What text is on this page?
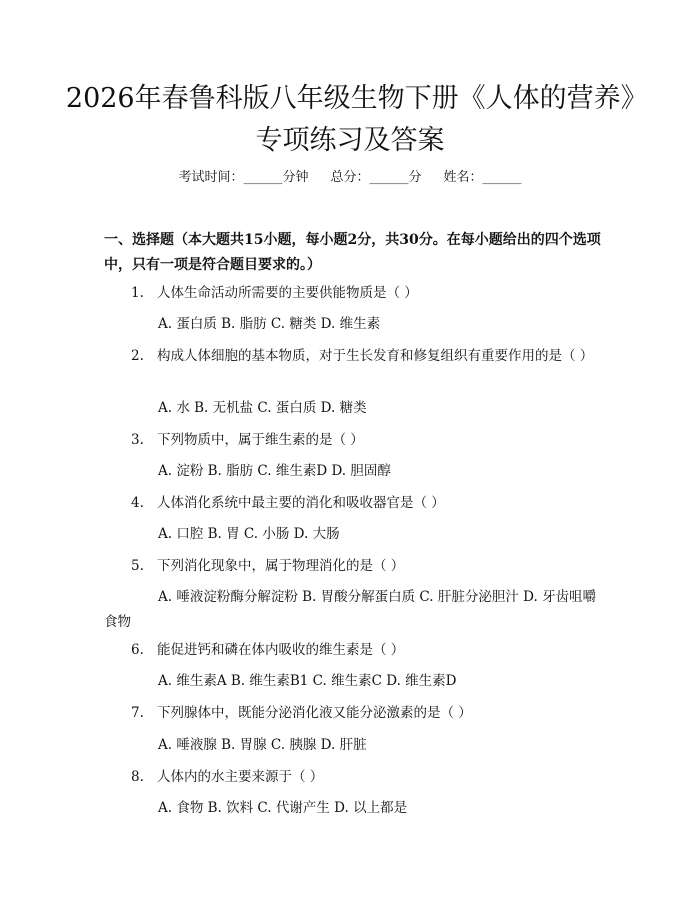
2026年春鲁科版八年级生物下册《人体的营养》专项练习及答案
考试时间：______分钟 总分：______分 姓名：______
一、选择题（本大题共15小题，每小题2分，共30分。在每小题给出的四个选项中，只有一项是符合题目要求的。）
1. 人体生命活动所需要的主要供能物质是（ ）
A. 蛋白质 B. 脂肪 C. 糖类 D. 维生素
2. 构成人体细胞的基本物质，对于生长发育和修复组织有重要作用的是（ ）
A. 水 B. 无机盐 C. 蛋白质 D. 糖类
3. 下列物质中，属于维生素的是（ ）
A. 淀粉 B. 脂肪 C. 维生素D D. 胆固醇
4. 人体消化系统中最主要的消化和吸收器官是（ ）
A. 口腔 B. 胃 C. 小肠 D. 大肠
5. 下列消化现象中，属于物理消化的是（ ）
A. 唾液淀粉酶分解淀粉 B. 胃酸分解蛋白质 C. 肝脏分泌胆汁 D. 牙齿咀嚼食物
6. 能促进钙和磷在体内吸收的维生素是（ ）
A. 维生素A B. 维生素B1 C. 维生素C D. 维生素D
7. 下列腺体中，既能分泌消化液又能分泌激素的是（ ）
A. 唾液腺 B. 胃腺 C. 胰腺 D. 肝脏
8. 人体内的水主要来源于（ ）
A. 食物 B. 饮料 C. 代谢产生 D. 以上都是
